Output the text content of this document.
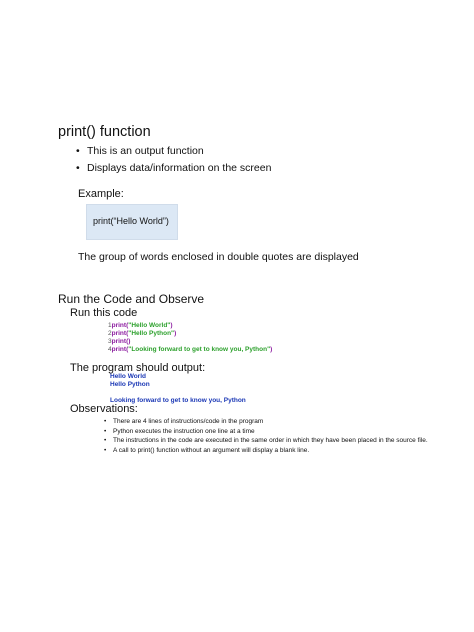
print() function
• This is an output function
• Displays data/information on the screen
Example:
print(“Hello World”)
The group of words enclosed in double quotes are displayed
Run the Code and Observe
Run this code
1print("Hello World")
2print("Hello Python")
3print()
4print("Looking forward to get to know you, Python")
The program should output:
Hello World
Hello Python
Looking forward to get to know you, Python
Observations:
• There are 4 lines of instructions/code in the program
• Python executes the instruction one line at a time
• The instructions in the code are executed in the same order in which they have been placed in the source file.
• A call to print() function without an argument will display a blank line.
